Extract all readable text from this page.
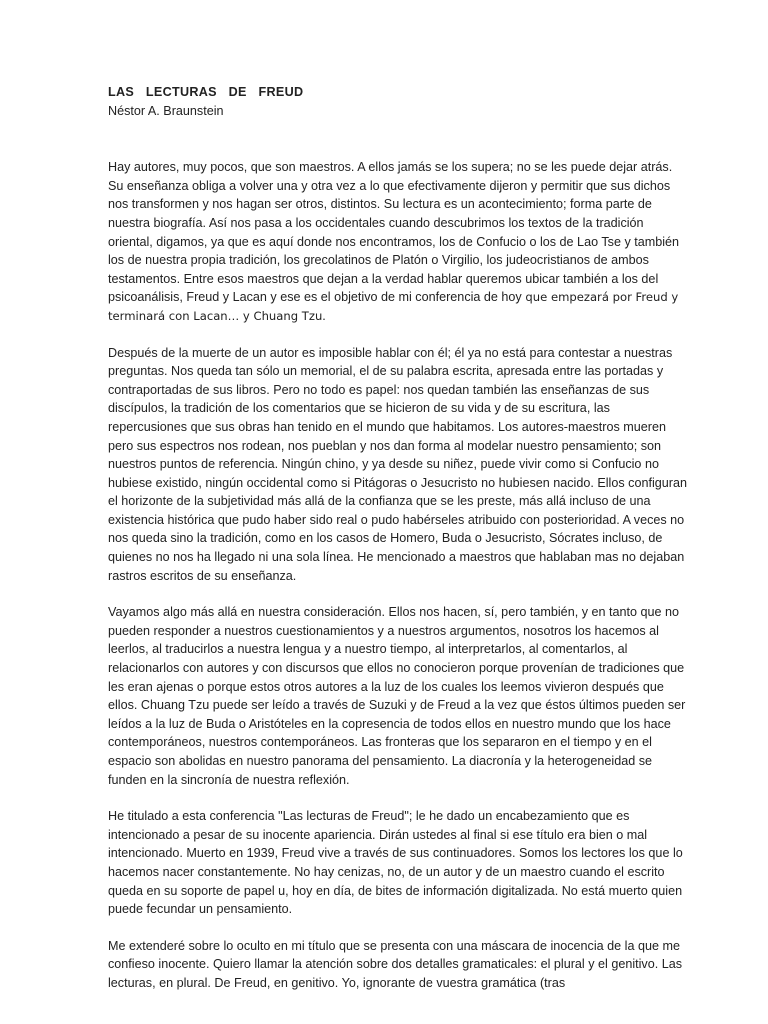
LAS LECTURAS DE FREUD
Néstor A. Braunstein

Hay autores, muy pocos, que son maestros. A ellos jamás se los supera; no se les puede dejar atrás. Su enseñanza obliga a volver una y otra vez a lo que efectivamente dijeron y permitir que sus dichos nos transformen y nos hagan ser otros, distintos. Su lectura es un acontecimiento; forma parte de nuestra biografía. Así nos pasa a los occidentales cuando descubrimos los textos de la tradición oriental, digamos, ya que es aquí donde nos encontramos, los de Confucio o los de Lao Tse y también los de nuestra propia tradición, los grecolatinos de Platón o Virgilio, los judeocristianos de ambos testamentos. Entre esos maestros que dejan a la verdad hablar queremos ubicar también a los del psicoanálisis, Freud y Lacan y ese es el objetivo de mi conferencia de hoy que empezará por Freud y terminará con Lacan… y Chuang Tzu.

Después de la muerte de un autor es imposible hablar con él; él ya no está para contestar a nuestras preguntas. Nos queda tan sólo un memorial, el de su palabra escrita, apresada entre las portadas y contraportadas de sus libros. Pero no todo es papel: nos quedan también las enseñanzas de sus discípulos, la tradición de los comentarios que se hicieron de su vida y de su escritura, las repercusiones que sus obras han tenido en el mundo que habitamos. Los autores-maestros mueren pero sus espectros nos rodean, nos pueblan y nos dan forma al modelar nuestro pensamiento; son nuestros puntos de referencia. Ningún chino, y ya desde su niñez, puede vivir como si Confucio no hubiese existido, ningún occidental como si Pitágoras o Jesucristo no hubiesen nacido. Ellos configuran el horizonte de la subjetividad más allá de la confianza que se les preste, más allá incluso de una existencia histórica que pudo haber sido real o pudo habérseles atribuido con posterioridad. A veces no nos queda sino la tradición, como en los casos de Homero, Buda o Jesucristo, Sócrates incluso, de quienes no nos ha llegado ni una sola línea. He mencionado a maestros que hablaban mas no dejaban rastros escritos de su enseñanza.

Vayamos algo más allá en nuestra consideración. Ellos nos hacen, sí, pero también, y en tanto que no pueden responder a nuestros cuestionamientos y a nuestros argumentos, nosotros los hacemos al leerlos, al traducirlos a nuestra lengua y a nuestro tiempo, al interpretarlos, al comentarlos, al relacionarlos con autores y con discursos que ellos no conocieron porque provenían de tradiciones que les eran ajenas o porque estos otros autores a la luz de los cuales los leemos vivieron después que ellos. Chuang Tzu puede ser leído a través de Suzuki y de Freud a la vez que éstos últimos pueden ser leídos a la luz de Buda o Aristóteles en la copresencia de todos ellos en nuestro mundo que los hace contemporáneos, nuestros contemporáneos. Las fronteras que los separaron en el tiempo y en el espacio son abolidas en nuestro panorama del pensamiento. La diacronía y la heterogeneidad se funden en la sincronía de nuestra reflexión.

He titulado a esta conferencia "Las lecturas de Freud"; le he dado un encabezamiento que es intencionado a pesar de su inocente apariencia. Dirán ustedes al final si ese título era bien o mal intencionado. Muerto en 1939, Freud vive a través de sus continuadores. Somos los lectores los que lo hacemos nacer constantemente. No hay cenizas, no, de un autor y de un maestro cuando el escrito queda en su soporte de papel u, hoy en día, de bites de información digitalizada. No está muerto quien puede fecundar un pensamiento.

Me extenderé sobre lo oculto en mi título que se presenta con una máscara de inocencia de la que me confieso inocente. Quiero llamar la atención sobre dos detalles gramaticales: el plural y el genitivo. Las lecturas, en plural. De Freud, en genitivo. Yo, ignorante de vuestra gramática (tras
